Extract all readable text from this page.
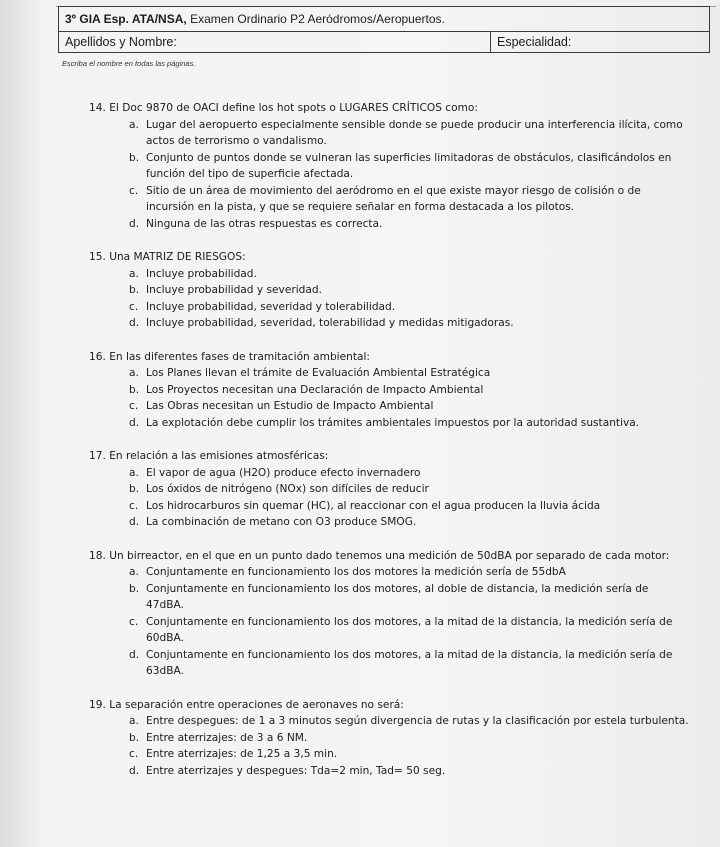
3º GIA Esp. ATA/NSA, Examen Ordinario P2 Aeródromos/Aeropuertos.
Apellidos y Nombre:	Especialidad:
Escriba el nombre en todas las páginas.
14. El Doc 9870 de OACI define los hot spots o LUGARES CRÍTICOS como:
a. Lugar del aeropuerto especialmente sensible donde se puede producir una interferencia ilícita, como actos de terrorismo o vandalismo.
b. Conjunto de puntos donde se vulneran las superficies limitadoras de obstáculos, clasificándolos en función del tipo de superficie afectada.
c. Sitio de un área de movimiento del aeródromo en el que existe mayor riesgo de colisión o de incursión en la pista, y que se requiere señalar en forma destacada a los pilotos.
d. Ninguna de las otras respuestas es correcta.
15. Una MATRIZ DE RIESGOS:
a. Incluye probabilidad.
b. Incluye probabilidad y severidad.
c. Incluye probabilidad, severidad y tolerabilidad.
d. Incluye probabilidad, severidad, tolerabilidad y medidas mitigadoras.
16. En las diferentes fases de tramitación ambiental:
a. Los Planes llevan el trámite de Evaluación Ambiental Estratégica
b. Los Proyectos necesitan una Declaración de Impacto Ambiental
c. Las Obras necesitan un Estudio de Impacto Ambiental
d. La explotación debe cumplir los trámites ambientales impuestos por la autoridad sustantiva.
17. En relación a las emisiones atmosféricas:
a. El vapor de agua (H2O) produce efecto invernadero
b. Los óxidos de nitrógeno (NOx) son difíciles de reducir
c. Los hidrocarburos sin quemar (HC), al reaccionar con el agua producen la lluvia ácida
d. La combinación de metano con O3 produce SMOG.
18. Un birreactor, en el que en un punto dado tenemos una medición de 50dBA por separado de cada motor:
a. Conjuntamente en funcionamiento los dos motores la medición sería de 55dbA
b. Conjuntamente en funcionamiento los dos motores, al doble de distancia, la medición sería de 47dBA.
c. Conjuntamente en funcionamiento los dos motores, a la mitad de la distancia, la medición sería de 60dBA.
d. Conjuntamente en funcionamiento los dos motores, a la mitad de la distancia, la medición sería de 63dBA.
19. La separación entre operaciones de aeronaves no será:
a. Entre despegues: de 1 a 3 minutos según divergencia de rutas y la clasificación por estela turbulenta.
b. Entre aterrizajes: de 3 a 6 NM.
c. Entre aterrizajes: de 1,25 a 3,5 min.
d. Entre aterrizajes y despegues: Tda=2 min, Tad= 50 seg.
